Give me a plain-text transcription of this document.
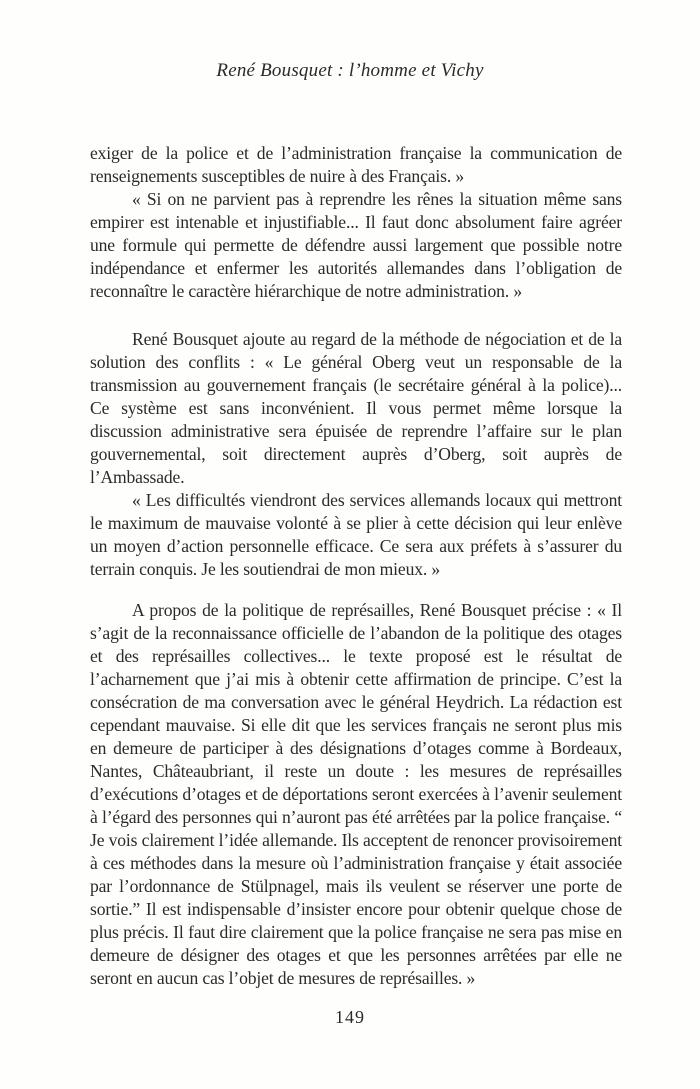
René Bousquet : l’homme et Vichy

exiger de la police et de l’administration française la communication de renseignements susceptibles de nuire à des Français. »

« Si on ne parvient pas à reprendre les rênes la situation même sans empirer est intenable et injustifiable... Il faut donc absolument faire agréer une formule qui permette de défendre aussi largement que possible notre indépendance et enfermer les autorités allemandes dans l’obligation de reconnaître le caractère hiérarchique de notre administration. »

René Bousquet ajoute au regard de la méthode de négociation et de la solution des conflits : « Le général Oberg veut un responsable de la transmission au gouvernement français (le secrétaire général à la police)... Ce système est sans inconvénient. Il vous permet même lorsque la discussion administrative sera épuisée de reprendre l’affaire sur le plan gouvernemental, soit directement auprès d’Oberg, soit auprès de l’Ambassade.

« Les difficultés viendront des services allemands locaux qui mettront le maximum de mauvaise volonté à se plier à cette décision qui leur enlève un moyen d’action personnelle efficace. Ce sera aux préfets à s’assurer du terrain conquis. Je les soutiendrai de mon mieux. »

A propos de la politique de représailles, René Bousquet précise : « Il s’agit de la reconnaissance officielle de l’abandon de la politique des otages et des représailles collectives... le texte proposé est le résultat de l’acharnement que j’ai mis à obtenir cette affirmation de principe. C’est la consécration de ma conversation avec le général Heydrich. La rédaction est cependant mauvaise. Si elle dit que les services français ne seront plus mis en demeure de participer à des désignations d’otages comme à Bordeaux, Nantes, Châteaubriant, il reste un doute : les mesures de représailles d’exécutions d’otages et de déportations seront exercées à l’avenir seulement à l’égard des personnes qui n’auront pas été arrêtées par la police française. “ Je vois clairement l’idée allemande. Ils acceptent de renoncer provisoirement à ces méthodes dans la mesure où l’administration française y était associée par l’ordonnance de Stülpnagel, mais ils veulent se réserver une porte de sortie.” Il est indispensable d’insister encore pour obtenir quelque chose de plus précis. Il faut dire clairement que la police française ne sera pas mise en demeure de désigner des otages et que les personnes arrêtées par elle ne seront en aucun cas l’objet de mesures de représailles. »

149
